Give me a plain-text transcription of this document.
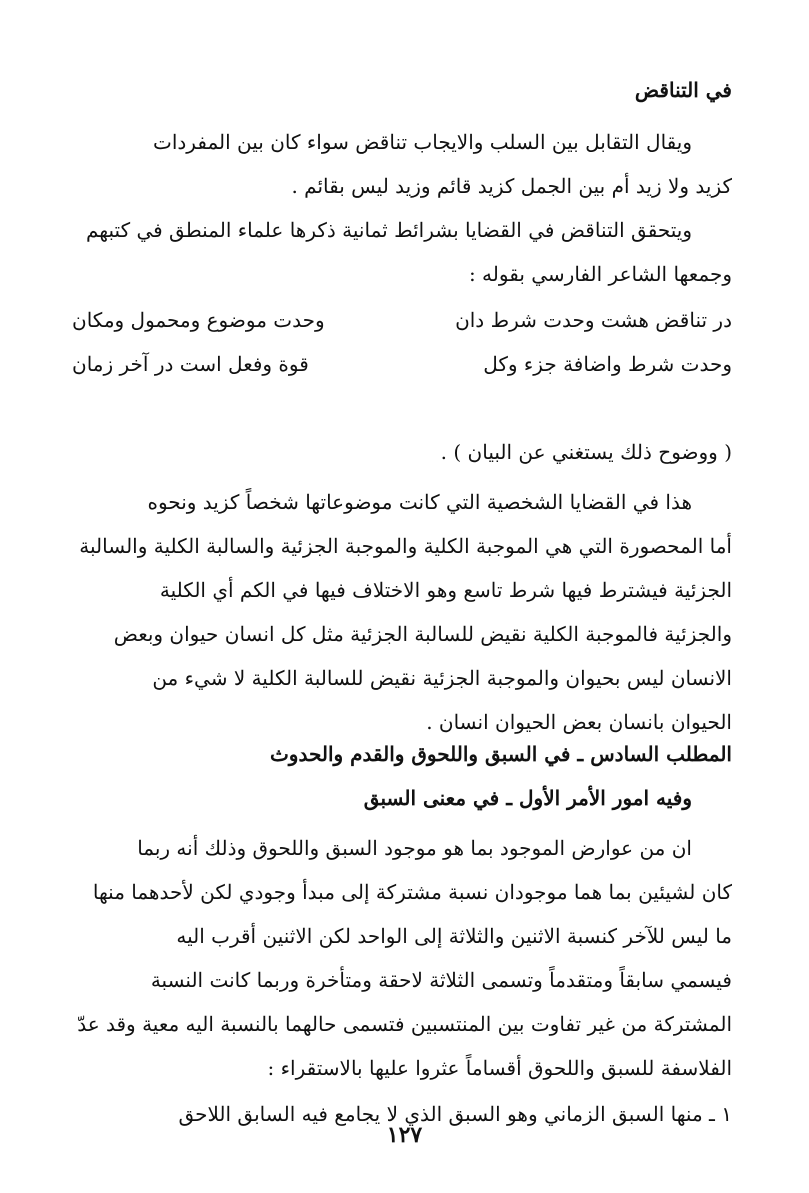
في التناقض
ويقال التقابل بين السلب والايجاب تناقض سواء كان بين المفردات
كزيد ولا زيد أم بين الجمل كزيد قائم وزيد ليس بقائم .
ويتحقق التناقض في القضايا بشرائط ثمانية ذكرها علماء المنطق في كتبهم
وجمعها الشاعر الفارسي بقوله :
در تناقض هشت وحدت شرط دان
وحدت موضوع ومحمول ومكان
وحدت شرط واضافة جزء وكل
قوة وفعل است در آخر زمان
( ووضوح ذلك يستغني عن البيان ) .
هذا في القضايا الشخصية التي كانت موضوعاتها شخصاً كزيد ونحوه
أما المحصورة التي هي الموجبة الكلية والموجبة الجزئية والسالبة الكلية والسالبة
الجزئية فيشترط فيها شرط تاسع وهو الاختلاف فيها في الكم أي الكلية
والجزئية فالموجبة الكلية نقيض للسالبة الجزئية مثل كل انسان حيوان وبعض
الانسان ليس بحيوان والموجبة الجزئية نقيض للسالبة الكلية لا شيء من
الحيوان بانسان بعض الحيوان انسان .
المطلب السادس ـ في السبق واللحوق والقدم والحدوث
وفيه امور الأمر الأول ـ في معنى السبق
ان من عوارض الموجود بما هو موجود السبق واللحوق وذلك أنه ربما
كان لشيئين بما هما موجودان نسبة مشتركة إلى مبدأ وجودي لكن لأحدهما منها
ما ليس للآخر كنسبة الاثنين والثلاثة إلى الواحد لكن الاثنين أقرب اليه
فيسمي سابقاً ومتقدماً وتسمى الثلاثة لاحقة ومتأخرة وربما كانت النسبة
المشتركة من غير تفاوت بين المنتسبين فتسمى حالهما بالنسبة اليه معية وقد عدّ
الفلاسفة للسبق واللحوق أقساماً عثروا عليها بالاستقراء :
١ ـ منها السبق الزماني وهو السبق الذي لا يجامع فيه السابق اللاحق
١٢٧
